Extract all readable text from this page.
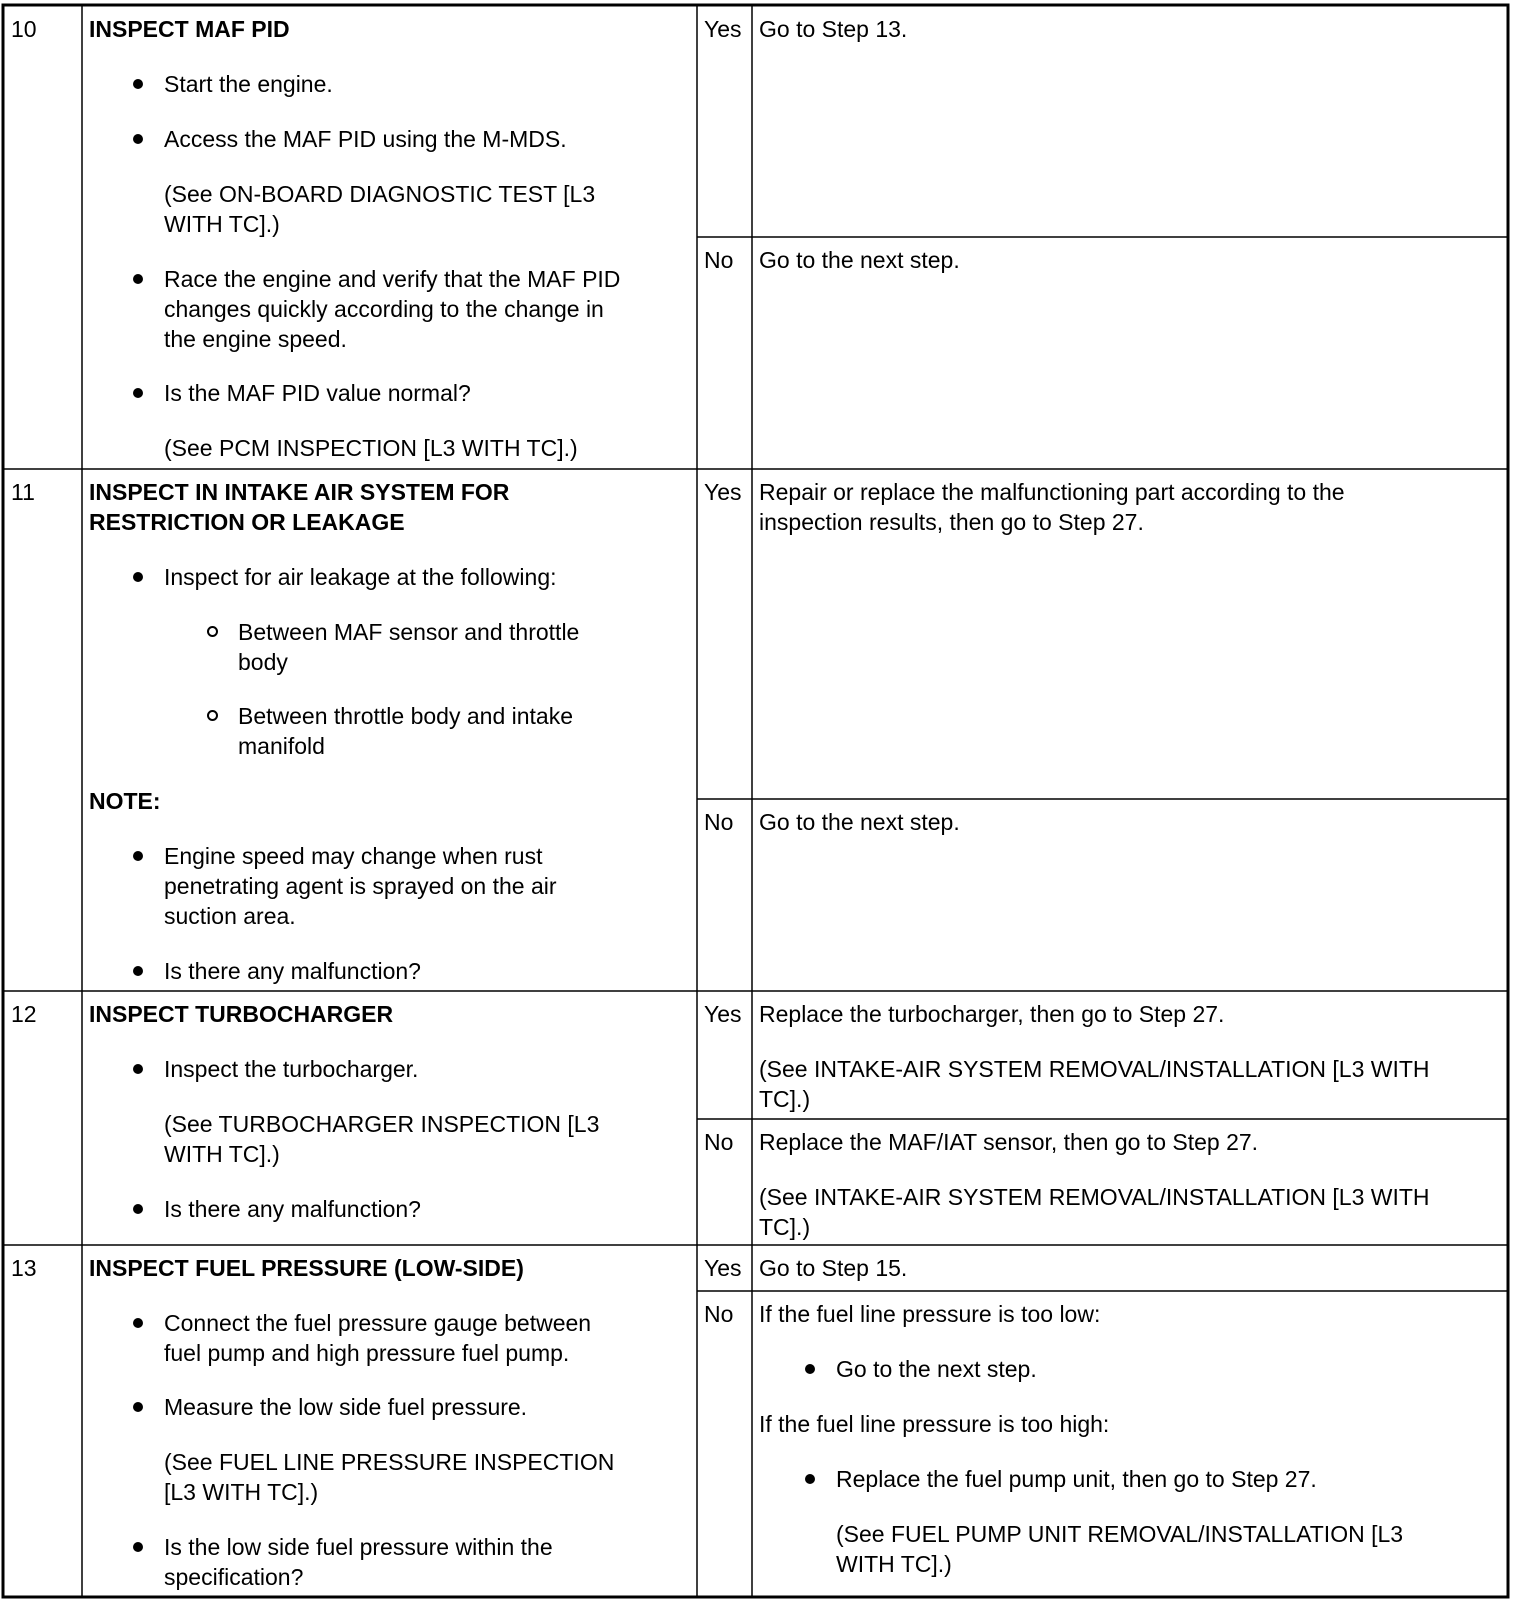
10 INSPECT MAF PID
Start the engine.
Access the MAF PID using the M-MDS.
(See ON-BOARD DIAGNOSTIC TEST [L3
WITH TC].)
Race the engine and verify that the MAF PID
changes quickly according to the change in
the engine speed.
Is the MAF PID value normal?
(See PCM INSPECTION [L3 WITH TC].)
Yes Go to Step 13.
No Go to the next step.
11 INSPECT IN INTAKE AIR SYSTEM FOR
RESTRICTION OR LEAKAGE
Inspect for air leakage at the following:
Between MAF sensor and throttle
body
Between throttle body and intake
manifold
NOTE:
Engine speed may change when rust
penetrating agent is sprayed on the air
suction area.
Is there any malfunction?
Yes Repair or replace the malfunctioning part according to the
inspection results, then go to Step 27.
No Go to the next step.
12 INSPECT TURBOCHARGER
Inspect the turbocharger.
(See TURBOCHARGER INSPECTION [L3
WITH TC].)
Is there any malfunction?
Yes Replace the turbocharger, then go to Step 27.
(See INTAKE-AIR SYSTEM REMOVAL/INSTALLATION [L3 WITH
TC].)
No Replace the MAF/IAT sensor, then go to Step 27.
(See INTAKE-AIR SYSTEM REMOVAL/INSTALLATION [L3 WITH
TC].)
13 INSPECT FUEL PRESSURE (LOW-SIDE)
Connect the fuel pressure gauge between
fuel pump and high pressure fuel pump.
Measure the low side fuel pressure.
(See FUEL LINE PRESSURE INSPECTION
[L3 WITH TC].)
Is the low side fuel pressure within the
specification?
Yes Go to Step 15.
No If the fuel line pressure is too low:
Go to the next step.
If the fuel line pressure is too high:
Replace the fuel pump unit, then go to Step 27.
(See FUEL PUMP UNIT REMOVAL/INSTALLATION [L3
WITH TC].)
